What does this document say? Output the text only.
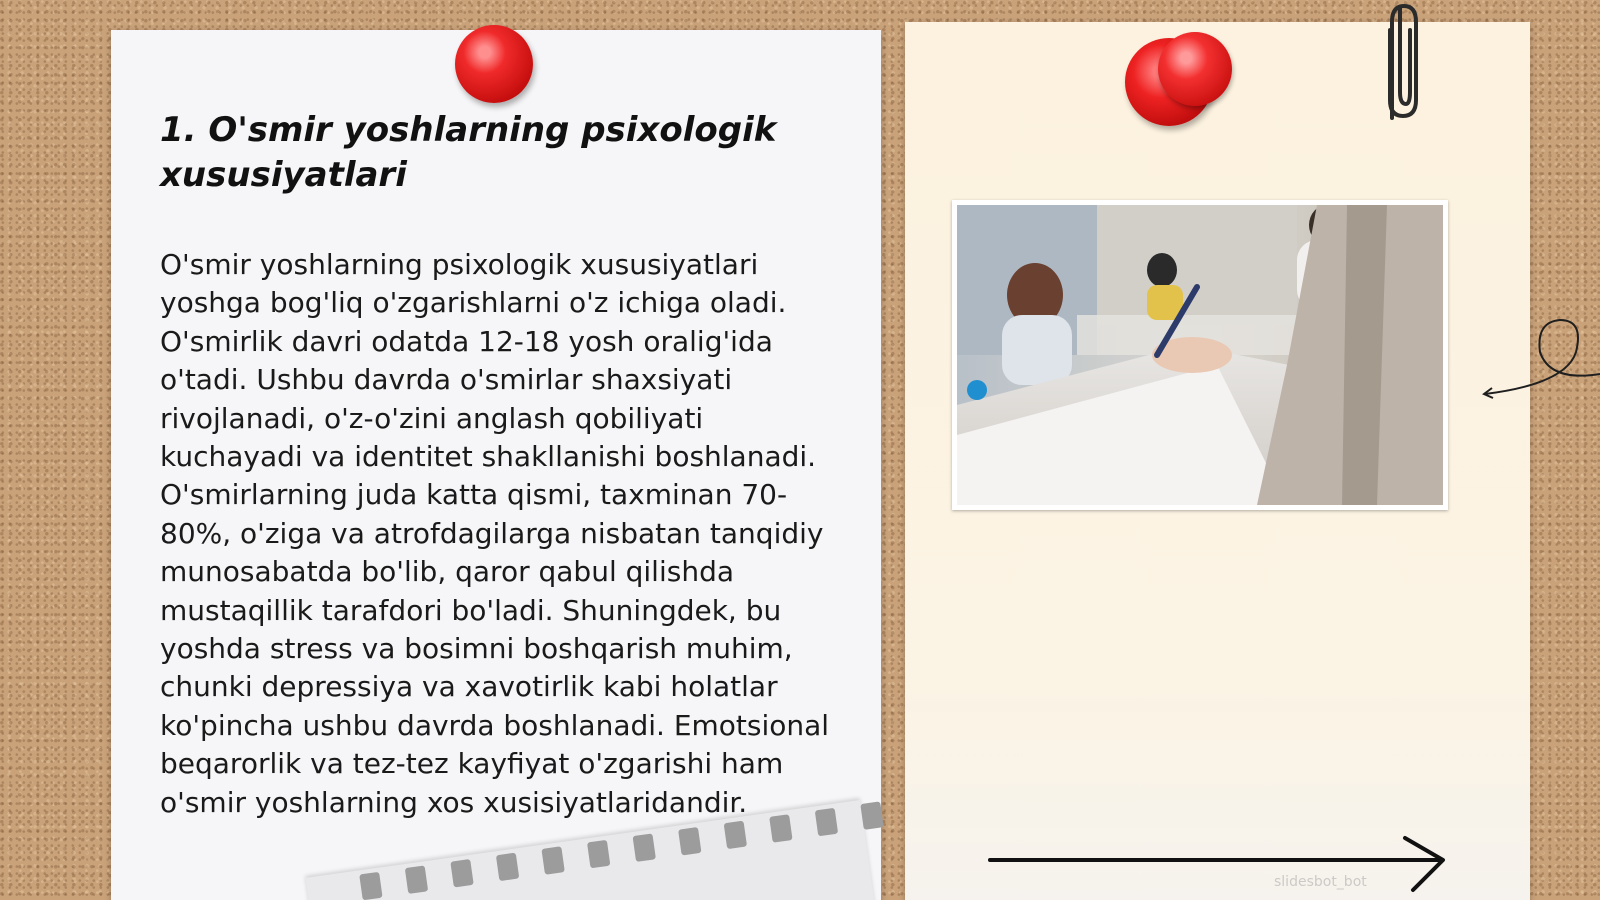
1. O'smir yoshlarning psixologik xususiyatlari

O'smir yoshlarning psixologik xususiyatlari yoshga bog'liq o'zgarishlarni o'z ichiga oladi. O'smirlik davri odatda 12-18 yosh oralig'ida o'tadi. Ushbu davrda o'smirlar shaxsiyati rivojlanadi, o'z-o'zini anglash qobiliyati kuchayadi va identitet shakllanishi boshlanadi. O'smirlarning juda katta qismi, taxminan 70-80%, o'ziga va atrofdagilarga nisbatan tanqidiy munosabatda bo'lib, qaror qabul qilishda mustaqillik tarafdori bo'ladi. Shuningdek, bu yoshda stress va bosimni boshqarish muhim, chunki depressiya va xavotirlik kabi holatlar ko'pincha ushbu davrda boshlanadi. Emotsional beqarorlik va tez-tez kayfiyat o'zgarishi ham o'smir yoshlarning xos xusisiyatlaridandir.

slidesbot_bot
